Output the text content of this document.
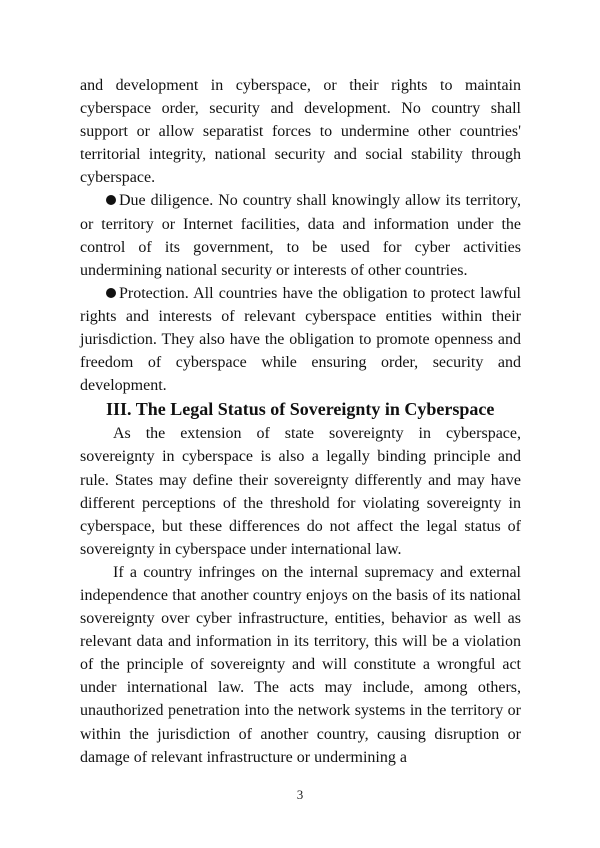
and development in cyberspace, or their rights to maintain cyberspace order, security and development. No country shall support or allow separatist forces to undermine other countries' territorial integrity, national security and social stability through cyberspace.

Due diligence. No country shall knowingly allow its territory, or territory or Internet facilities, data and information under the control of its government, to be used for cyber activities undermining national security or interests of other countries.

Protection. All countries have the obligation to protect lawful rights and interests of relevant cyberspace entities within their jurisdiction. They also have the obligation to promote openness and freedom of cyberspace while ensuring order, security and development.

III. The Legal Status of Sovereignty in Cyberspace

As the extension of state sovereignty in cyberspace, sovereignty in cyberspace is also a legally binding principle and rule. States may define their sovereignty differently and may have different perceptions of the threshold for violating sovereignty in cyberspace, but these differences do not affect the legal status of sovereignty in cyberspace under international law.

If a country infringes on the internal supremacy and external independence that another country enjoys on the basis of its national sovereignty over cyber infrastructure, entities, behavior as well as relevant data and information in its territory, this will be a violation of the principle of sovereignty and will constitute a wrongful act under international law. The acts may include, among others, unauthorized penetration into the network systems in the territory or within the jurisdiction of another country, causing disruption or damage of relevant infrastructure or undermining a

3
